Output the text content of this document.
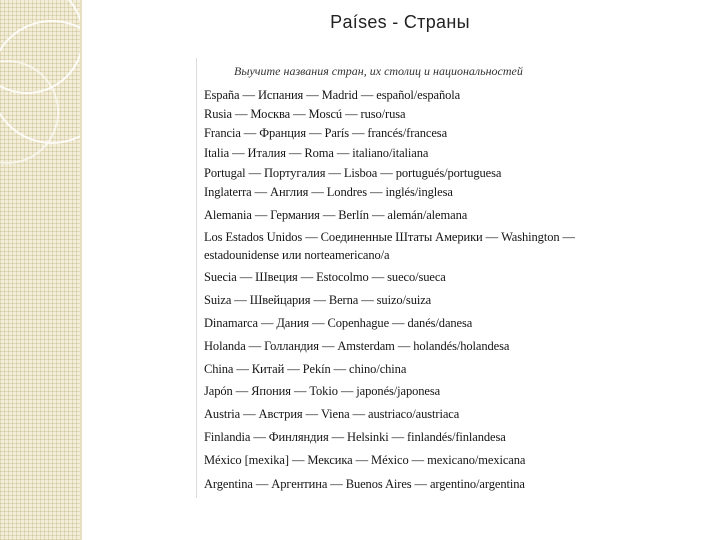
Países - Страны
Выучите названия стран, их столиц и национальностей
España — Испания — Madrid — español/española
Rusia — Москва — Moscú — ruso/rusa
Francia — Франция — París — francés/francesa
Italia — Италия — Roma — italiano/italiana
Portugal — Португалия — Lisboa — portugués/portuguesa
Inglaterra — Англия — Londres — inglés/inglesa
Alemania — Германия — Berlín — alemán/alemana
Los Estados Unidos — Соединенные Штаты Америки — Washington —
estadounidense или norteamericano/a
Suecia — Швеция — Estocolmo — sueco/sueca
Suiza — Швейцария — Berna — suizo/suiza
Dinamarca — Дания — Copenhague — danés/danesa
Holanda — Голландия — Amsterdam — holandés/holandesa
China — Китай — Pekín — chino/china
Japón — Япония — Tokio — japonés/japonesa
Austria — Австрия — Viena — austriaco/austriaca
Finlandia — Финляндия — Helsinki — finlandés/finlandesa
México [mexika] — Мексика — México — mexicano/mexicana
Argentina — Аргентина — Buenos Aires — argentino/argentina
